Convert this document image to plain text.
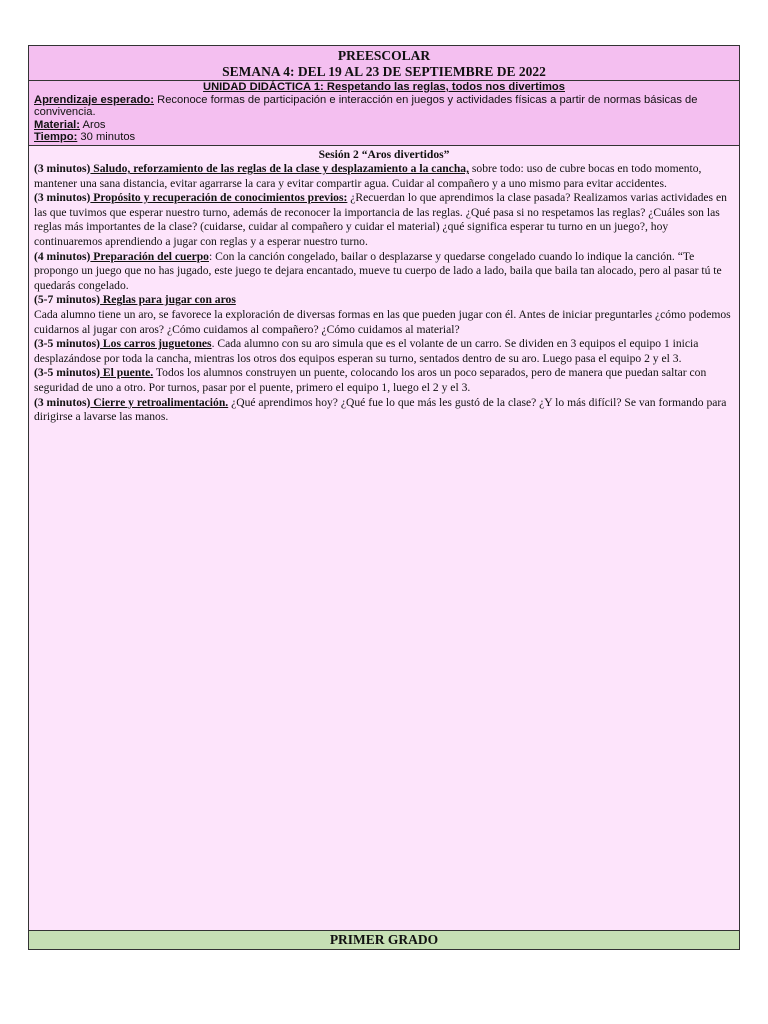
PREESCOLAR
SEMANA 4: DEL 19 AL 23 DE SEPTIEMBRE DE 2022
UNIDAD DIDÁCTICA 1: Respetando las reglas, todos nos divertimos
Aprendizaje esperado: Reconoce formas de participación e interacción en juegos y actividades físicas a partir de normas básicas de convivencia.
Material: Aros
Tiempo: 30 minutos
Sesión 2 “Aros divertidos”

(3 minutos) Saludo, reforzamiento de las reglas de la clase y desplazamiento a la cancha, sobre todo: uso de cubre bocas en todo momento, mantener una sana distancia, evitar agarrarse la cara y evitar compartir agua. Cuidar al compañero y a uno mismo para evitar accidentes.

(3 minutos) Propósito y recuperación de conocimientos previos: ¿Recuerdan lo que aprendimos la clase pasada? Realizamos varias actividades en las que tuvimos que esperar nuestro turno, además de reconocer la importancia de las reglas. ¿Qué pasa si no respetamos las reglas? ¿Cuáles son las reglas más importantes de la clase? (cuidarse, cuidar al compañero y cuidar el material) ¿qué significa esperar tu turno en un juego?, hoy continuaremos aprendiendo a jugar con reglas y a esperar nuestro turno.

(4 minutos) Preparación del cuerpo: Con la canción congelado, bailar o desplazarse y quedarse congelado cuando lo indique la canción. “Te propongo un juego que no has jugado, este juego te dejara encantado, mueve tu cuerpo de lado a lado, baila que baila tan alocado, pero al pasar tú te quedarás congelado.

(5-7 minutos) Reglas para jugar con aros

Cada alumno tiene un aro, se favorece la exploración de diversas formas en las que pueden jugar con él. Antes de iniciar preguntarles ¿cómo podemos cuidarnos al jugar con aros? ¿Cómo cuidamos al compañero? ¿Cómo cuidamos al material?

(3-5 minutos) Los carros juguetones. Cada alumno con su aro simula que es el volante de un carro. Se dividen en 3 equipos el equipo 1 inicia desplazándose por toda la cancha, mientras los otros dos equipos esperan su turno, sentados dentro de su aro. Luego pasa el equipo 2 y el 3.

(3-5 minutos) El puente. Todos los alumnos construyen un puente, colocando los aros un poco separados, pero de manera que puedan saltar con seguridad de uno a otro. Por turnos, pasar por el puente, primero el equipo 1, luego el 2 y el 3.

(3 minutos) Cierre y retroalimentación. ¿Qué aprendimos hoy? ¿Qué fue lo que más les gustó de la clase? ¿Y lo más difícil? Se van formando para dirigirse a lavarse las manos.

PRIMER GRADO
